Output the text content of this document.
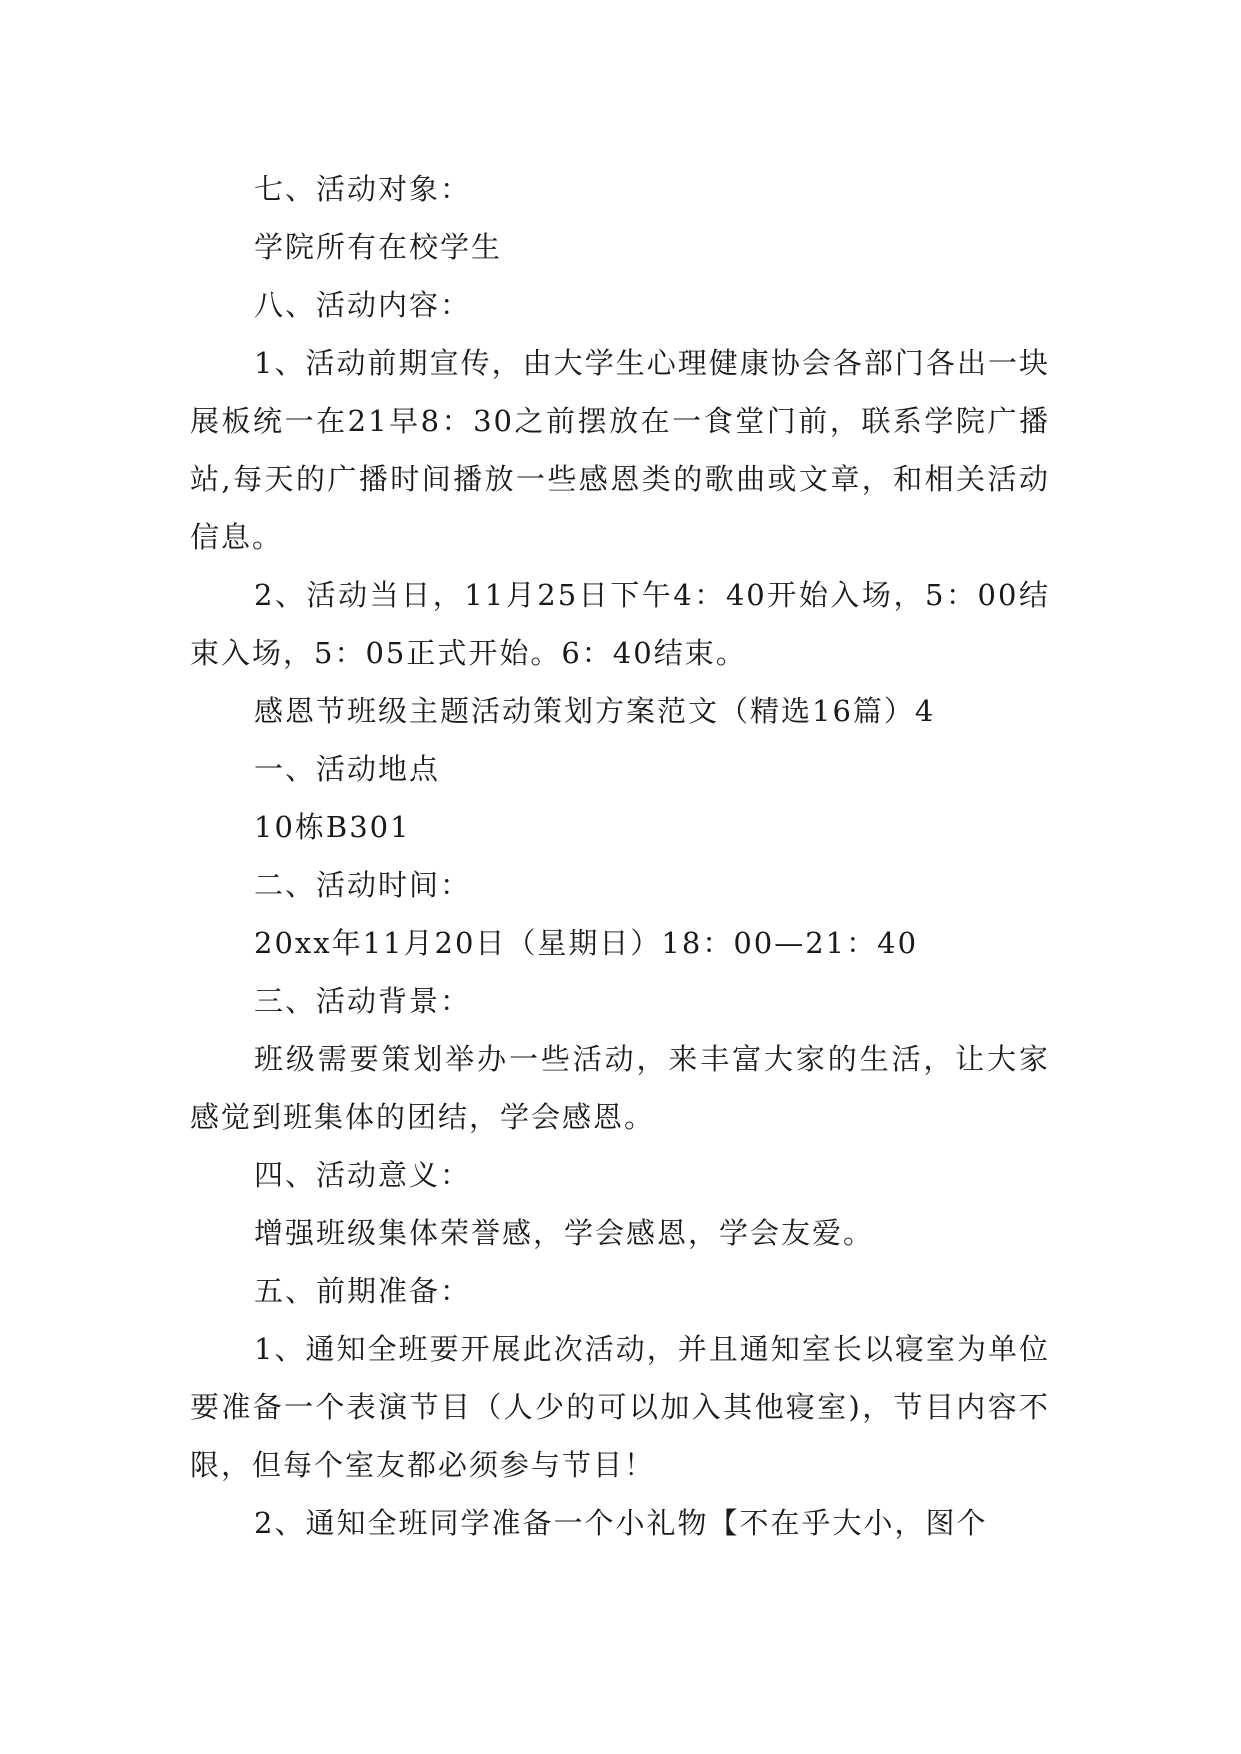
七、活动对象：

学院所有在校学生

八、活动内容：

1、活动前期宣传，由大学生心理健康协会各部门各出一块展板统一在21早8：30之前摆放在一食堂门前，联系学院广播站,每天的广播时间播放一些感恩类的歌曲或文章，和相关活动信息。

2、活动当日，11月25日下午4：40开始入场，5：00结束入场，5：05正式开始。6：40结束。

感恩节班级主题活动策划方案范文（精选16篇）4

一、活动地点

10栋B301

二、活动时间：

20xx年11月20日（星期日）18：00—21：40

三、活动背景：

班级需要策划举办一些活动，来丰富大家的生活，让大家感觉到班集体的团结，学会感恩。

四、活动意义：

增强班级集体荣誉感，学会感恩，学会友爱。

五、前期准备：

1、通知全班要开展此次活动，并且通知室长以寝室为单位要准备一个表演节目（人少的可以加入其他寝室)，节目内容不限，但每个室友都必须参与节目！

2、通知全班同学准备一个小礼物【不在乎大小，图个
